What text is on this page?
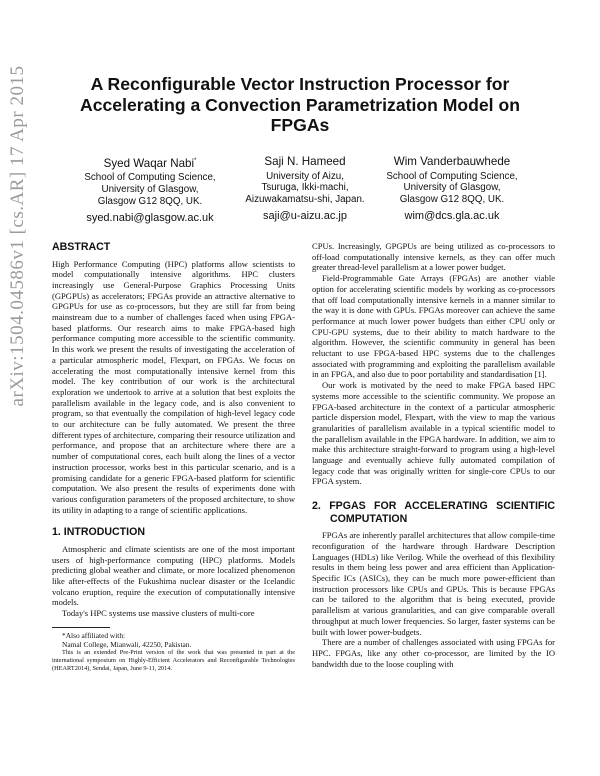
arXiv:1504.04586v1 [cs.AR] 17 Apr 2015	A Reconfigurable Vector Instruction Processor for Accelerating a Convection Parametrization Model on FPGAs
Syed Waqar Nabi*
School of Computing Science,
University of Glasgow,
Glasgow G12 8QQ, UK.
syed.nabi@glasgow.ac.uk
Saji N. Hameed
University of Aizu,
Tsuruga, Ikki-machi,
Aizuwakamatsu-shi, Japan.
saji@u-aizu.ac.jp
Wim Vanderbauwhede
School of Computing Science,
University of Glasgow,
Glasgow G12 8QQ, UK.
wim@dcs.gla.ac.uk
ABSTRACT

High Performance Computing (HPC) platforms allow scientists to model computationally intensive algorithms. HPC clusters increasingly use General-Purpose Graphics Processing Units (GPGPUs) as accelerators; FPGAs provide an attractive alternative to GPGPUs for use as co-processors, but they are still far from being mainstream due to a number of challenges faced when using FPGA-based platforms. Our research aims to make FPGA-based high performance computing more accessible to the scientific community. In this work we present the results of investigating the acceleration of a particular atmospheric model, Flexpart, on FPGAs. We focus on accelerating the most computationally intensive kernel from this model. The key contribution of our work is the architectural exploration we undertook to arrive at a solution that best exploits the parallelism available in the legacy code, and is also convenient to program, so that eventually the compilation of high-level legacy code to our architecture can be fully automated. We present the three different types of architecture, comparing their resource utilization and performance, and propose that an architecture where there are a number of computational cores, each built along the lines of a vector instruction processor, works best in this particular scenario, and is a promising candidate for a generic FPGA-based platform for scientific computation. We also present the results of experiments done with various configuration parameters of the proposed architecture, to show its utility in adapting to a range of scientific applications.

1. INTRODUCTION

Atmospheric and climate scientists are one of the most important users of high-performance computing (HPC) platforms. Models predicting global weather and climate, or more localized phenomenon like after-effects of the Fukushima nuclear disaster or the Icelandic volcano eruption, require the execution of computationally intensive models.

Today's HPC systems use massive clusters of multi-core

*Also affiliated with:

Namal College, Mianwali, 42250, Pakistan.

This is an extended Pre-Print version of the work that was presented in part at the international symposium on Highly-Efficient Accelerators and Reconfigurable Technologies (HEART2014), Sendai, Japan, June 9-11, 2014.

CPUs. Increasingly, GPGPUs are being utilized as co-processors to off-load computationally intensive kernels, as they can offer much greater thread-level parallelism at a lower power budget.

Field-Programmable Gate Arrays (FPGAs) are another viable option for accelerating scientific models by working as co-processors that off load computationally intensive kernels in a manner similar to the way it is done with GPUs. FPGAs moreover can achieve the same performance at much lower power budgets than either CPU only or CPU-GPU systems, due to their ability to match hardware to the algorithm. However, the scientific community in general has been reluctant to use FPGA-based HPC systems due to the challenges associated with programming and exploiting the parallelism available in an FPGA, and also due to poor portability and standardisation [1].

Our work is motivated by the need to make FPGA based HPC systems more accessible to the scientific community. We propose an FPGA-based architecture in the context of a particular atmospheric particle dispersion model, Flexpart, with the view to map the various granularities of parallelism available in a typical scientific model to the parallelism available in the FPGA hardware. In addition, we aim to make this architecture straight-forward to program using a high-level language and eventually achieve fully automated compilation of legacy code that was originally written for single-core CPUs to our FPGA system.

2. FPGAS FOR ACCELERATING SCIENTIFIC COMPUTATION

FPGAs are inherently parallel architectures that allow compile-time reconfiguration of the hardware through Hardware Description Languages (HDLs) like Verilog. While the overhead of this flexibility results in them being less power and area efficient than Application-Specific ICs (ASICs), they can be much more power-efficient than instruction processors like CPUs and GPUs. This is because FPGAs can be tailored to the algorithm that is being executed, provide parallelism at various granularities, and can give comparable overall throughput at much lower frequencies. So larger, faster systems can be built with lower power-budgets.

There are a number of challenges associated with using FPGAs for HPC. FPGAs, like any other co-processor, are limited by the IO bandwidth due to the loose coupling with
